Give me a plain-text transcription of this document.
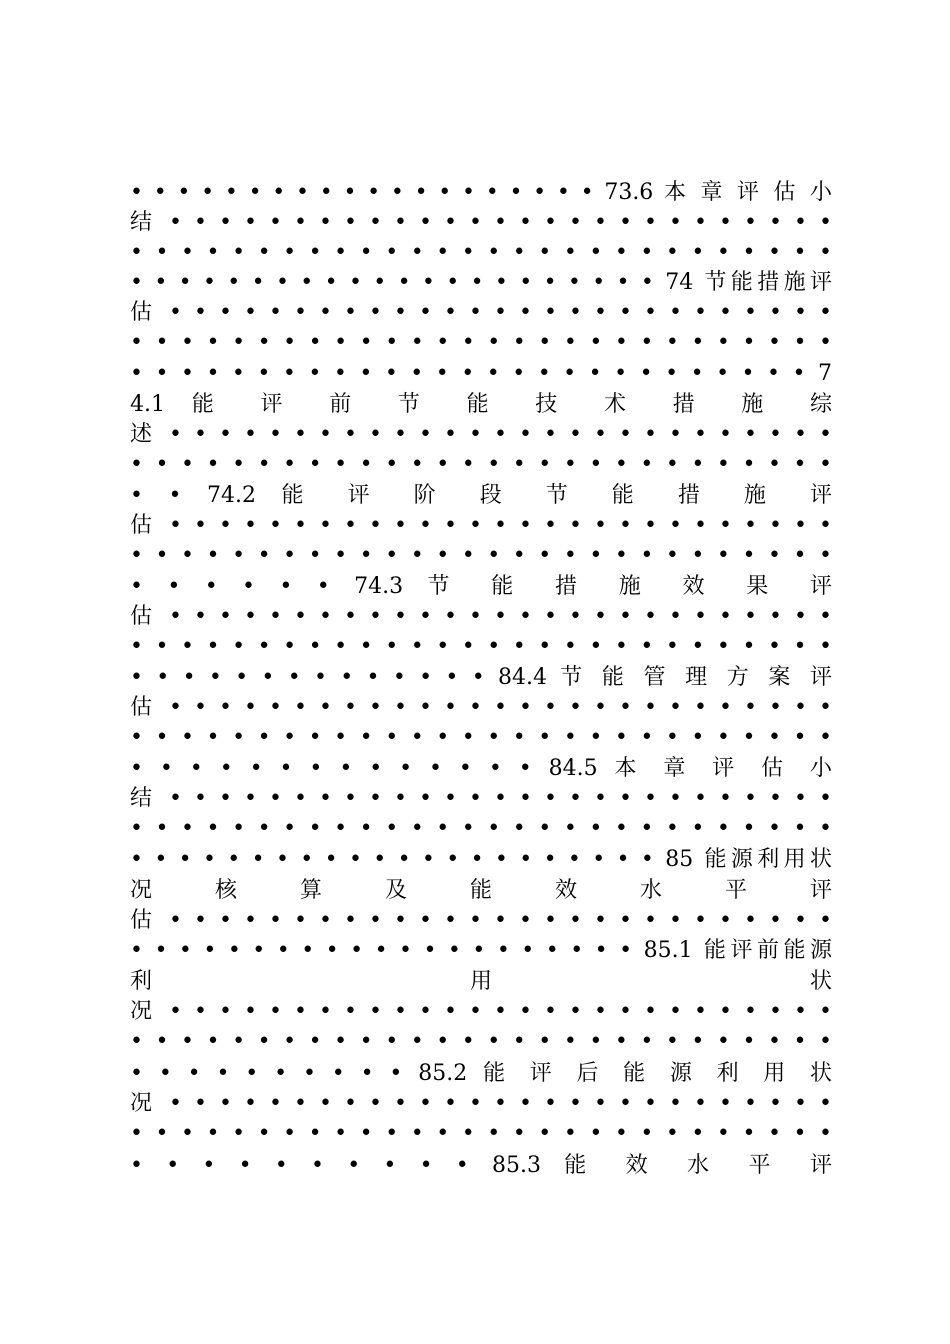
• • • • • • • • • • • • • • • • • • • • 73.6 本 章 评 估 小
结 • • • • • • • • • • • • • • • • • • • • • • • • • • •
• • • • • • • • • • • • • • • • • • • • • • • • • • • •
• • • • • • • • • • • • • • • • • • • • • • 74 节能措施评
估 • • • • • • • • • • • • • • • • • • • • • • • • • • •
• • • • • • • • • • • • • • • • • • • • • • • • • • • •
• • • • • • • • • • • • • • • • • • • • • • • • • • • 7
4.1 能 评 前 节 能 技 术 措 施 综
述 • • • • • • • • • • • • • • • • • • • • • • • • • • •
• • • • • • • • • • • • • • • • • • • • • • • • • • • •
• • 74.2 能 评 阶 段 节 能 措 施 评
估 • • • • • • • • • • • • • • • • • • • • • • • • • • •
• • • • • • • • • • • • • • • • • • • • • • • • • • • •
• • • • • • 74.3 节 能 措 施 效 果 评
估 • • • • • • • • • • • • • • • • • • • • • • • • • • •
• • • • • • • • • • • • • • • • • • • • • • • • • • • •
• • • • • • • • • • • • • • 84.4 节 能 管 理 方 案 评
估 • • • • • • • • • • • • • • • • • • • • • • • • • • •
• • • • • • • • • • • • • • • • • • • • • • • • • • • •
• • • • • • • • • • • • • • 84.5 本 章 评 估 小
结 • • • • • • • • • • • • • • • • • • • • • • • • • • •
• • • • • • • • • • • • • • • • • • • • • • • • • • • •
• • • • • • • • • • • • • • • • • • • • • • 85 能源利用状
况 核 算 及 能 效 水 平 评
估 • • • • • • • • • • • • • • • • • • • • • • • • • • •
• • • • • • • • • • • • • • • • • • • • • 85.1 能评前能源
利 用 状
况 • • • • • • • • • • • • • • • • • • • • • • • • • • •
• • • • • • • • • • • • • • • • • • • • • • • • • • • •
• • • • • • • • • • 85.2 能 评 后 能 源 利 用 状
况 • • • • • • • • • • • • • • • • • • • • • • • • • • •
• • • • • • • • • • • • • • • • • • • • • • • • • • • •
• • • • • • • • • • 85.3 能 效 水 平 评
